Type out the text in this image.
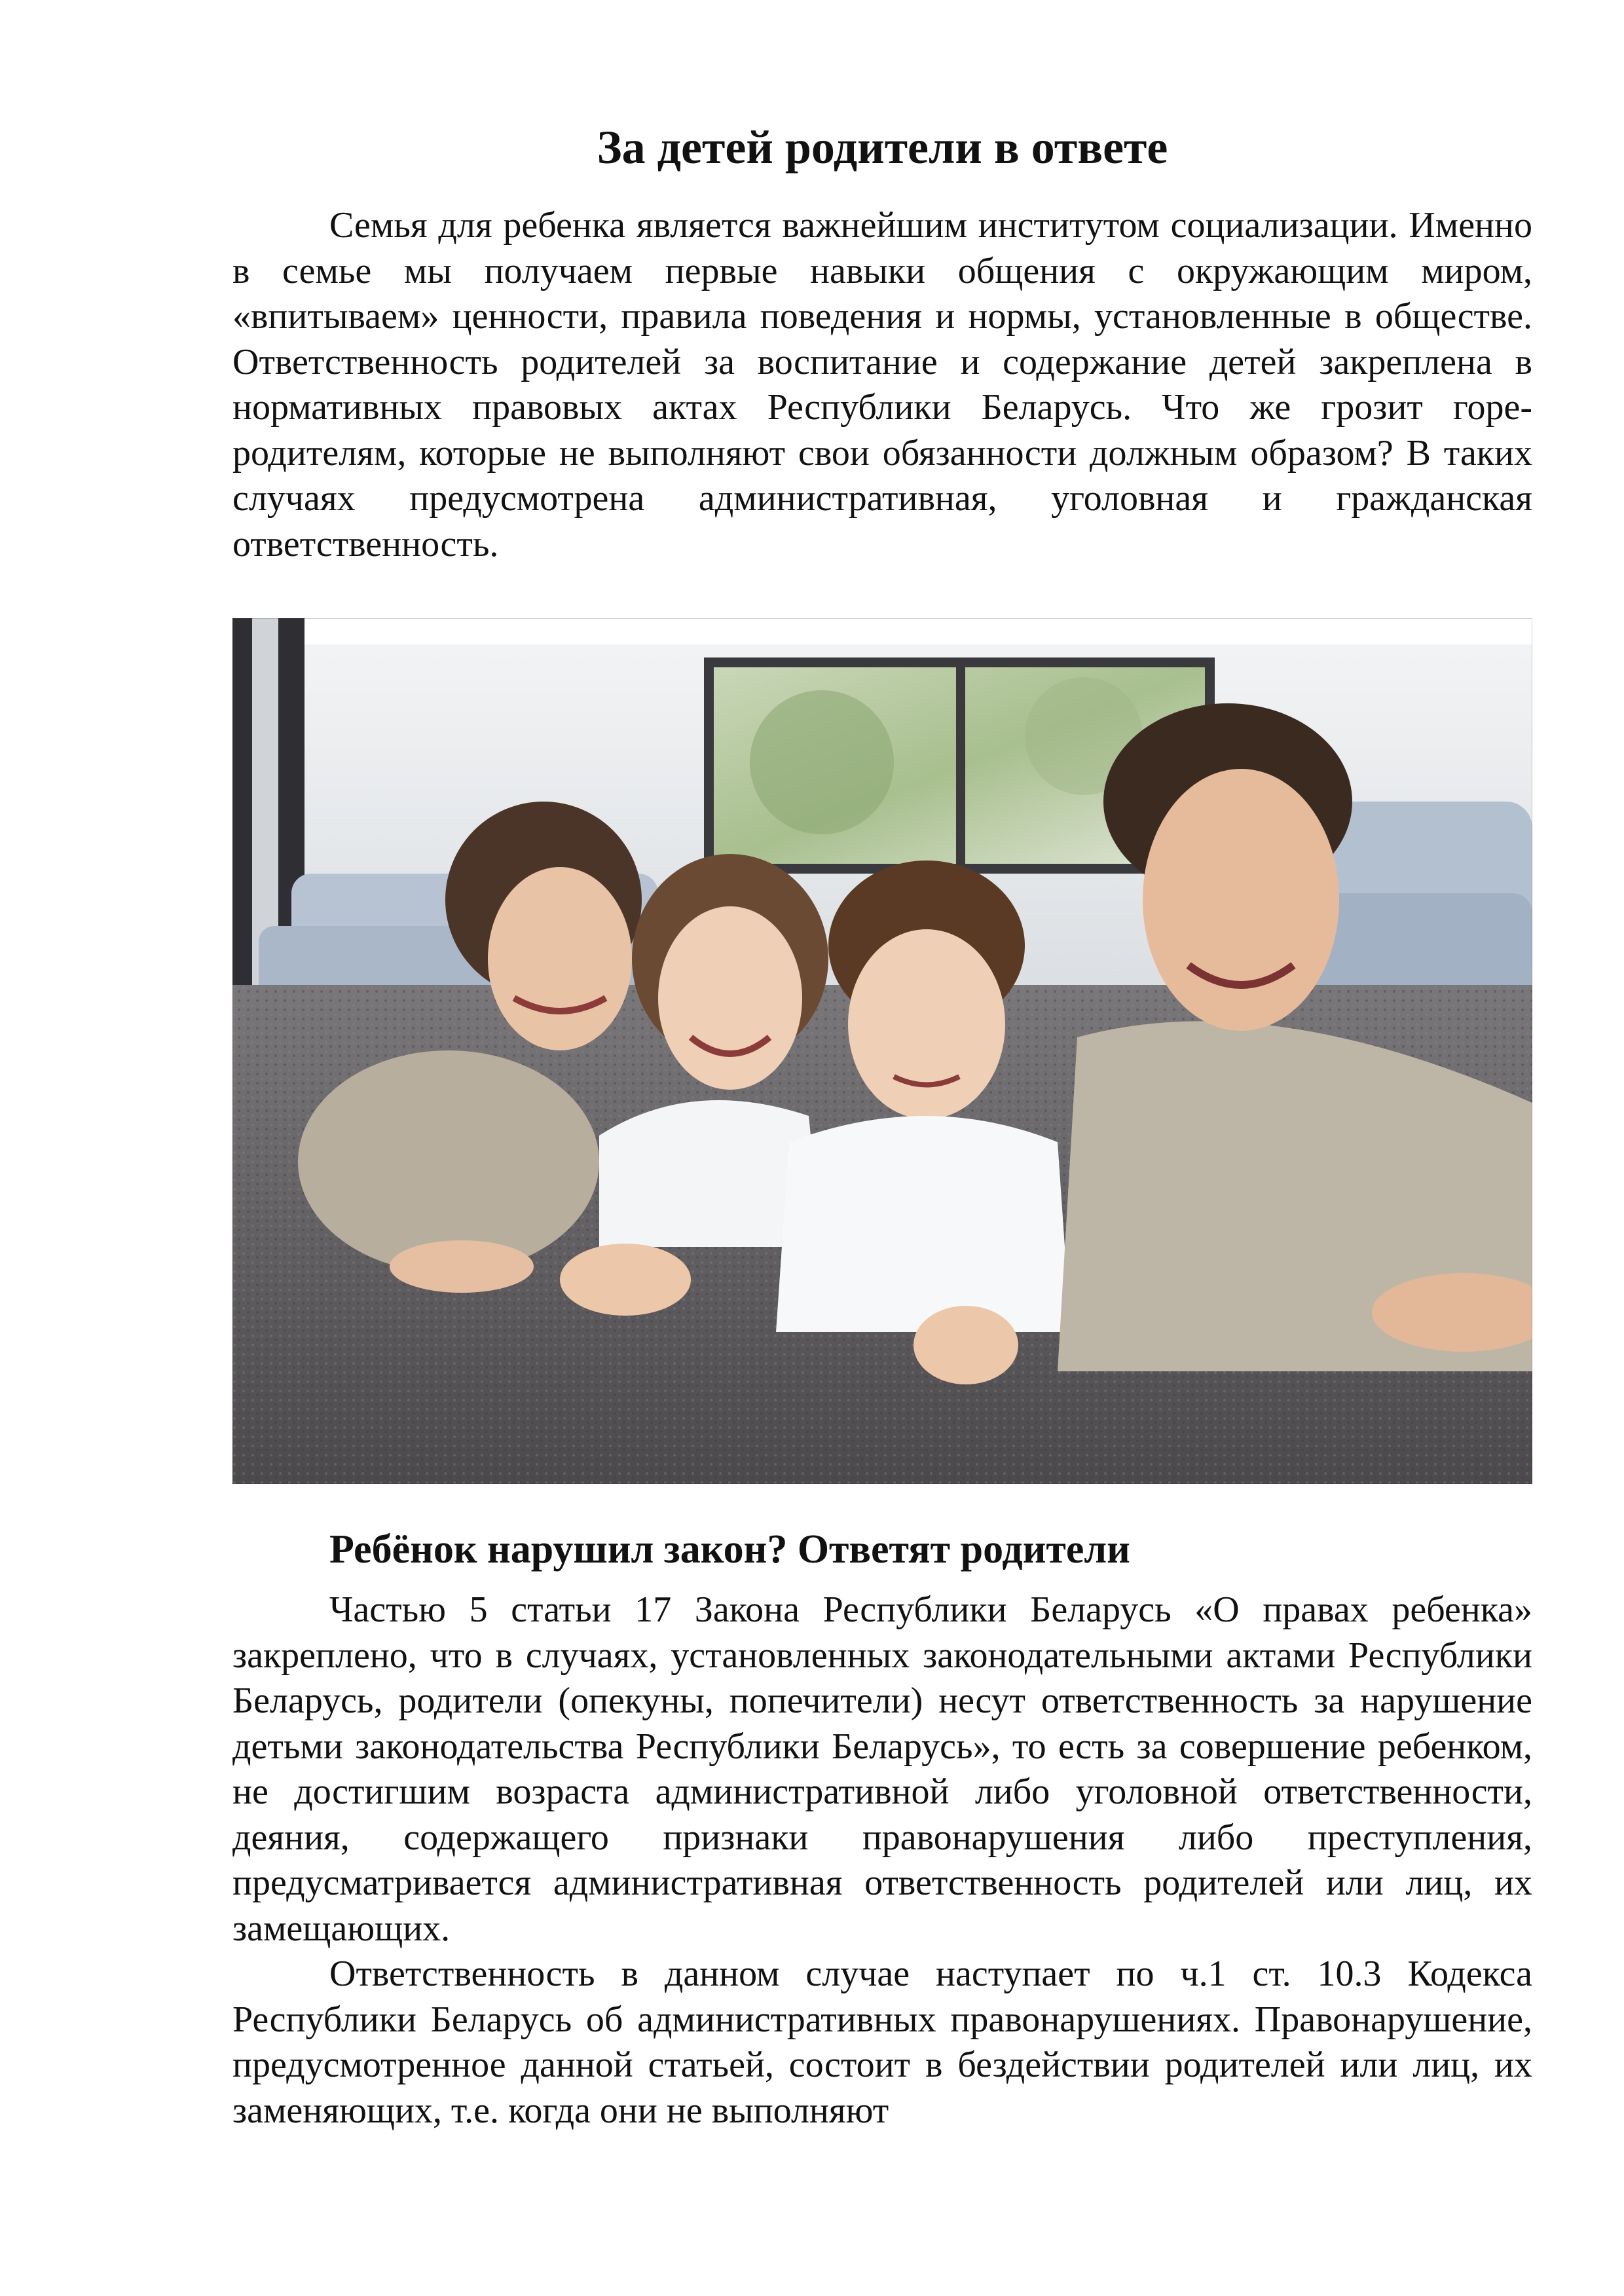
За детей родители в ответе

Семья для ребенка является важнейшим институтом социализации. Именно в семье мы получаем первые навыки общения с окружающим миром, «впитываем» ценности, правила поведения и нормы, установленные в обществе. Ответственность родителей за воспитание и содержание детей закреплена в нормативных правовых актах Республики Беларусь. Что же грозит горе-родителям, которые не выполняют свои обязанности должным образом? В таких случаях предусмотрена административная, уголовная и гражданская ответственность.

Ребёнок нарушил закон? Ответят родители

Частью 5 статьи 17 Закона Республики Беларусь «О правах ребенка» закреплено, что в случаях, установленных законодательными актами Республики Беларусь, родители (опекуны, попечители) несут ответственность за нарушение детьми законодательства Республики Беларусь», то есть за совершение ребенком, не достигшим возраста административной либо уголовной ответственности, деяния, содержащего признаки правонарушения либо преступления, предусматривается административная ответственность родителей или лиц, их замещающих.

Ответственность в данном случае наступает по ч.1 ст. 10.3 Кодекса Республики Беларусь об административных правонарушениях. Правонарушение, предусмотренное данной статьей, состоит в бездействии родителей или лиц, их заменяющих, т.е. когда они не выполняют
